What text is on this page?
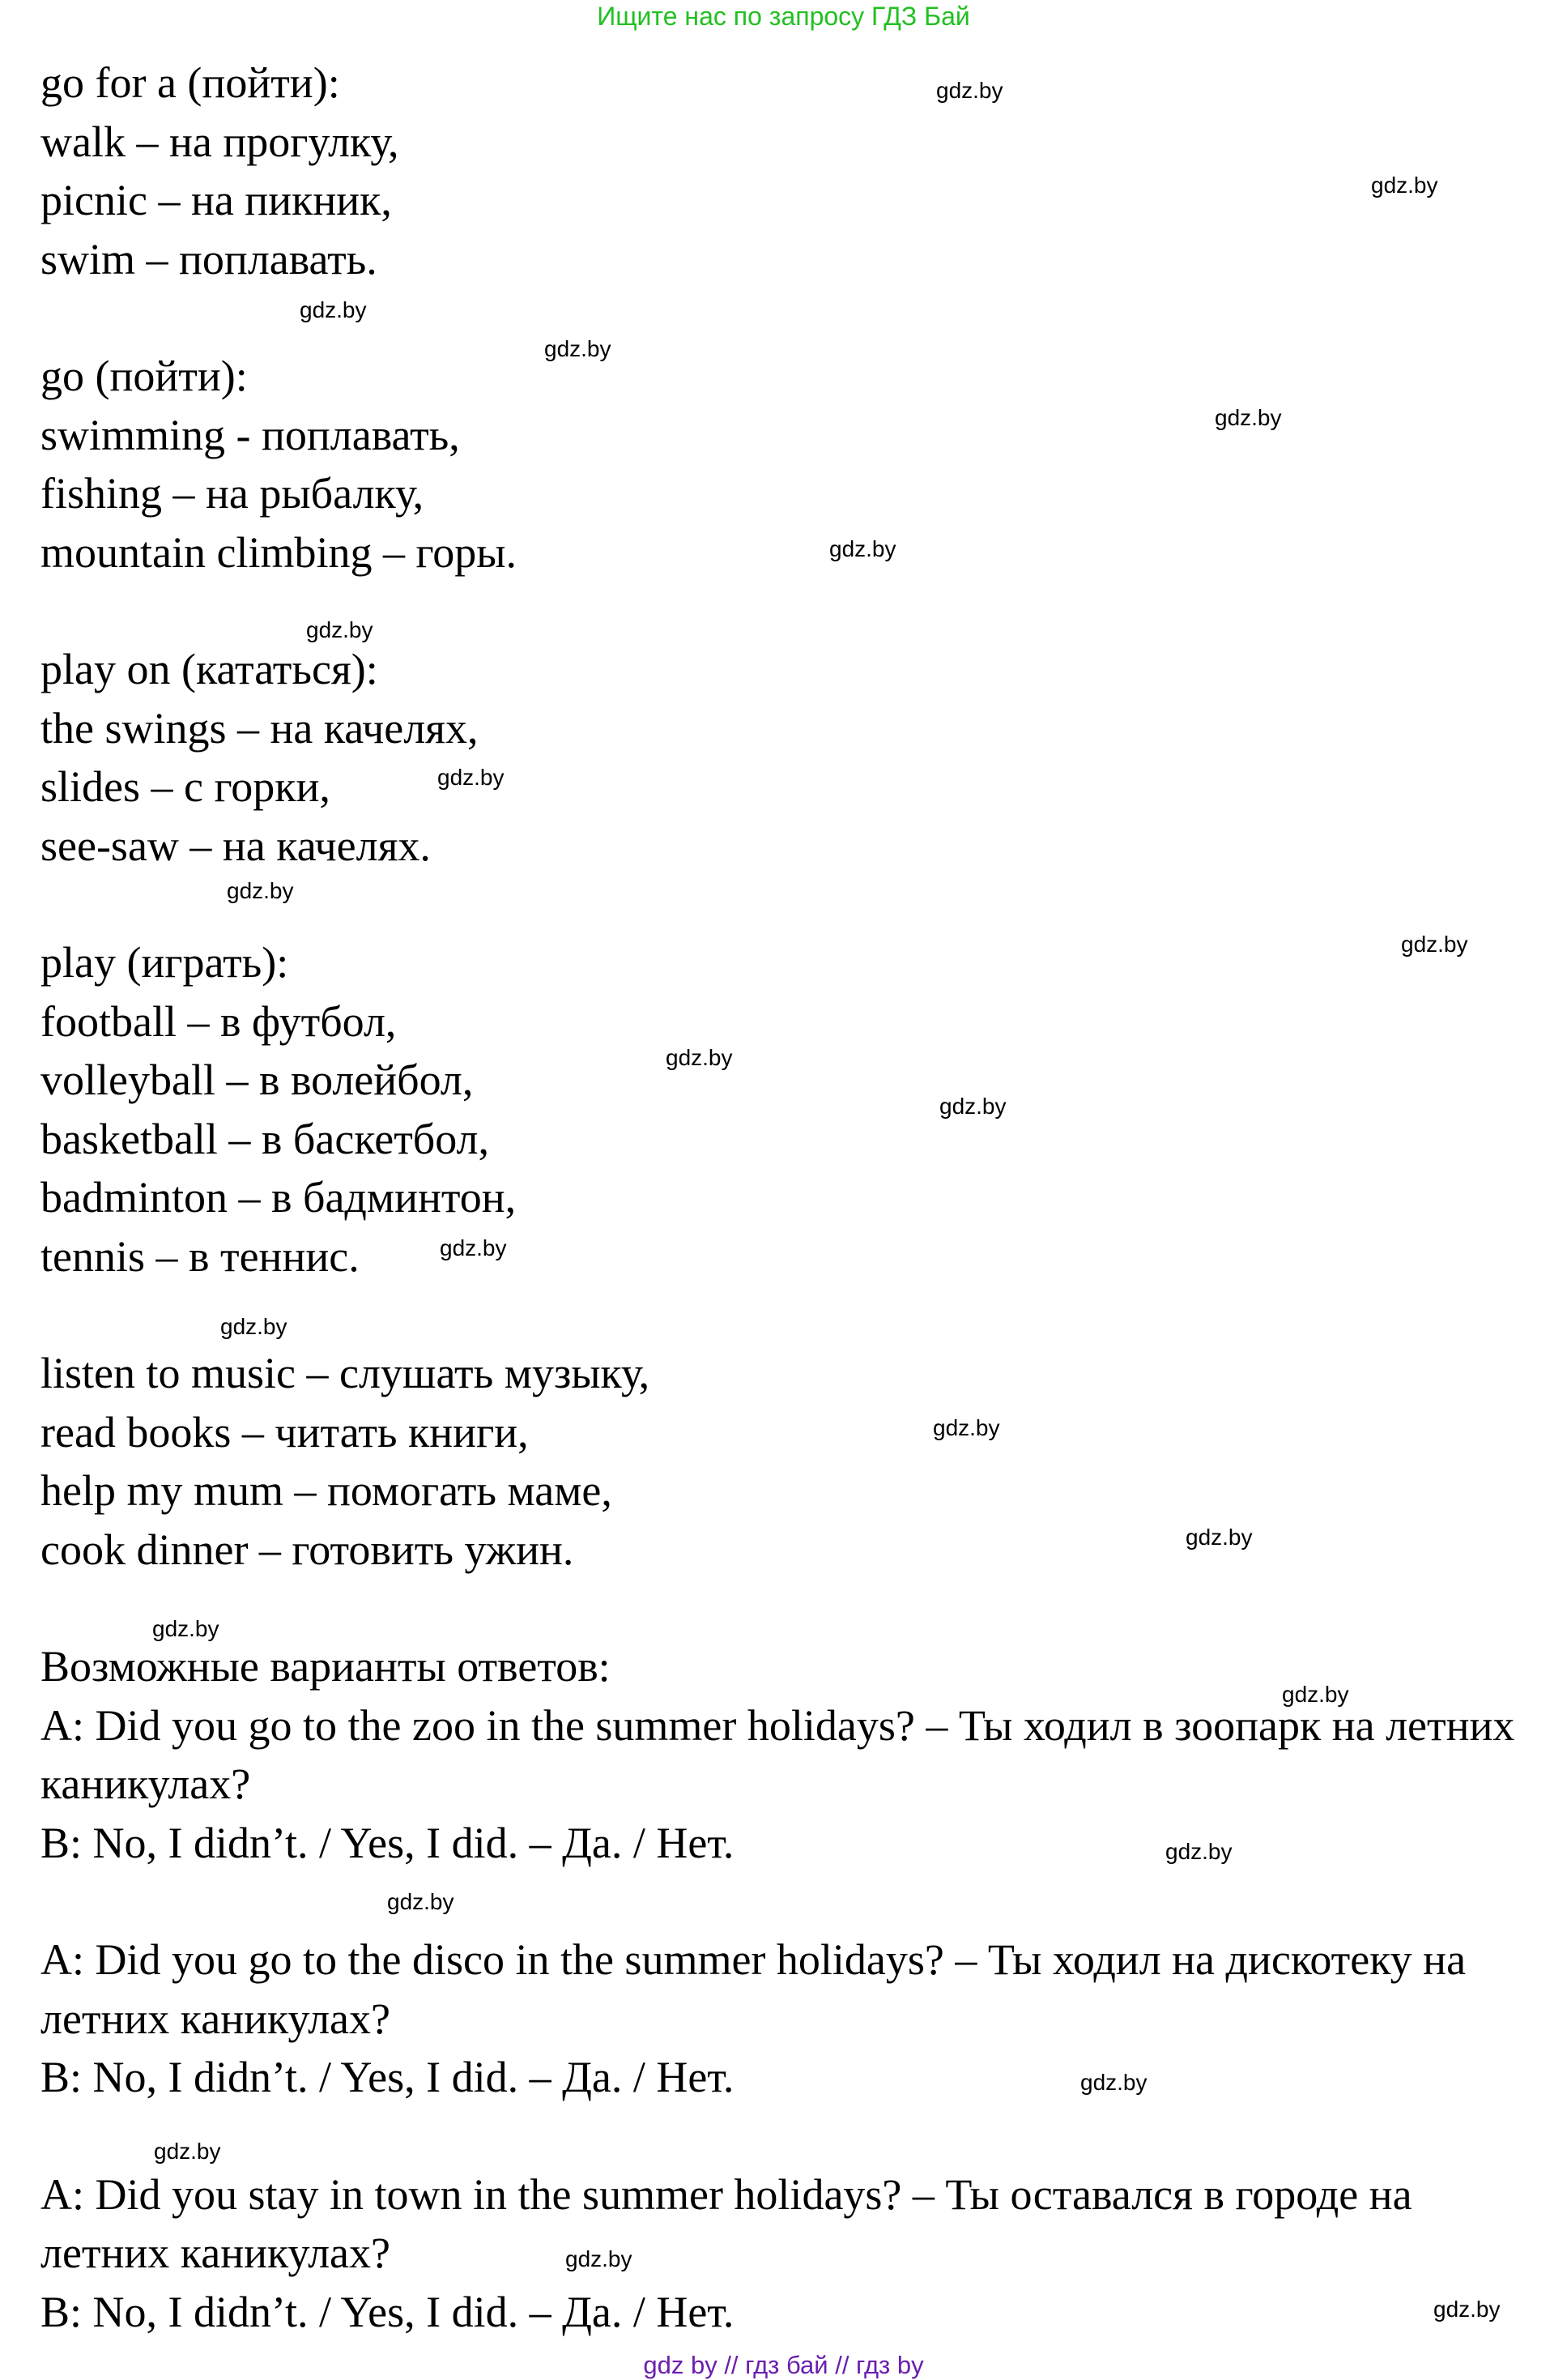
Ищите нас по запросу ГДЗ Бай
go for a (пойти):
walk – на прогулку,
picnic – на пикник,
swim – поплавать.
go (пойти):
swimming - поплавать,
fishing – на рыбалку,
mountain climbing – горы.
play on (кататься):
the swings – на качелях,
slides – с горки,
see-saw – на качелях.
play (играть):
football – в футбол,
volleyball – в волейбол,
basketball – в баскетбол,
badminton – в бадминтон,
tennis – в теннис.
listen to music – слушать музыку,
read books – читать книги,
help my mum – помогать маме,
cook dinner – готовить ужин.
Возможные варианты ответов:
A: Did you go to the zoo in the summer holidays? – Ты ходил в зоопарк на летних каникулах?
B: No, I didn’t. / Yes, I did. – Да. / Нет.
A: Did you go to the disco in the summer holidays? – Ты ходил на дискотеку на летних каникулах?
B: No, I didn’t. / Yes, I did. – Да. / Нет.
A: Did you stay in town in the summer holidays? – Ты оставался в городе на летних каникулах?
B: No, I didn’t. / Yes, I did. – Да. / Нет.
gdz.by
gdz.by
gdz.by
gdz.by
gdz.by
gdz.by
gdz.by
gdz.by
gdz.by
gdz.by
gdz.by
gdz.by
gdz.by
gdz.by
gdz.by
gdz.by
gdz.by
gdz.by
gdz.by
gdz.by
gdz.by
gdz.by
gdz.by
gdz.by
gdz by // гдз бай // гдз by
